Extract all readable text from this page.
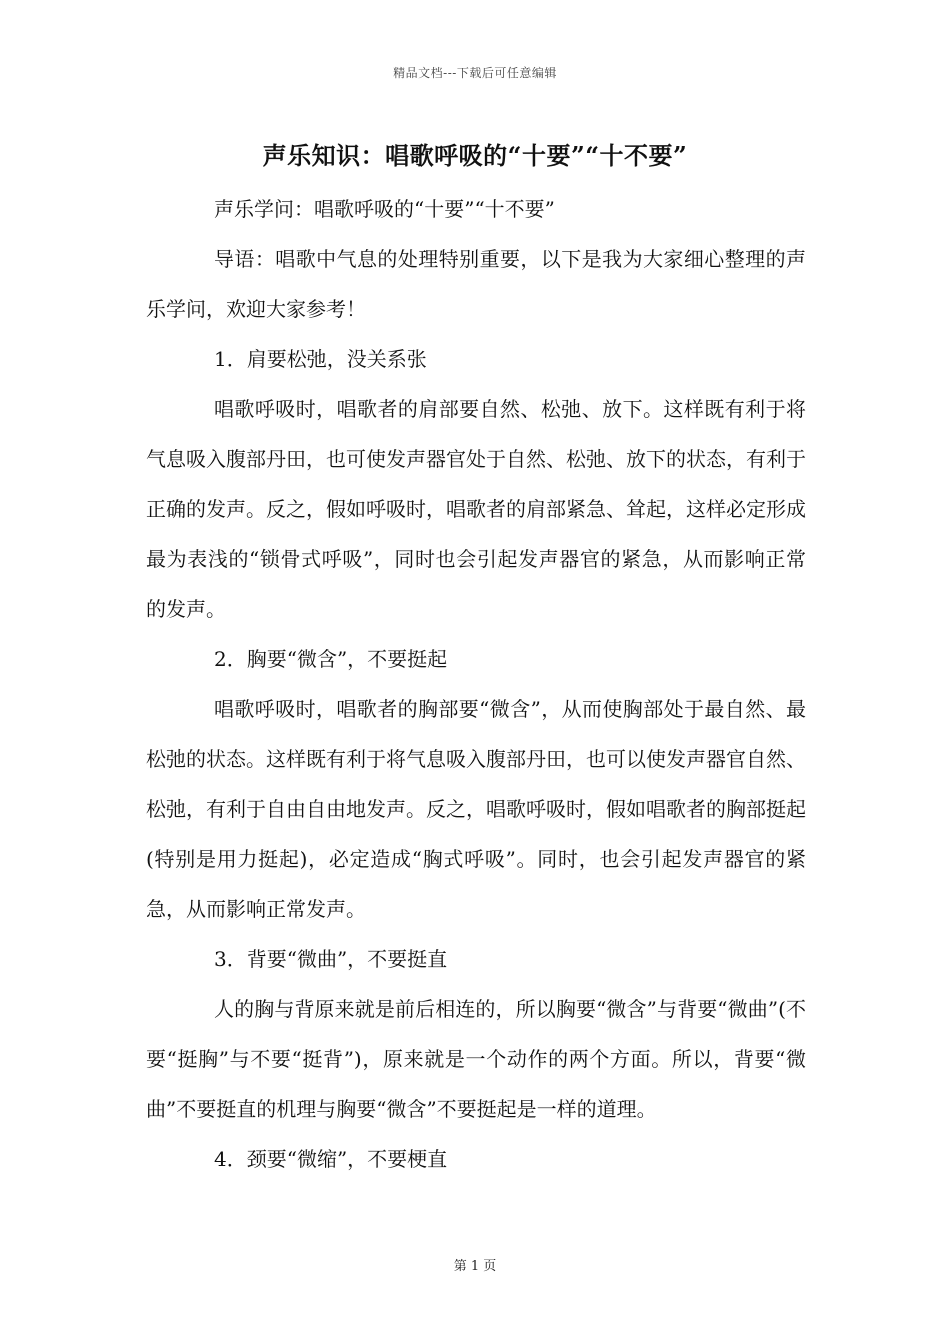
精品文档---下载后可任意编辑
声乐知识：唱歌呼吸的“十要”“十不要”

声乐学问：唱歌呼吸的“十要”“十不要”

导语：唱歌中气息的处理特别重要，以下是我为大家细心整理的声乐学问，欢迎大家参考！

1．肩要松弛，没关系张

唱歌呼吸时，唱歌者的肩部要自然、松弛、放下。这样既有利于将气息吸入腹部丹田，也可使发声器官处于自然、松弛、放下的状态，有利于正确的发声。反之，假如呼吸时，唱歌者的肩部紧急、耸起，这样必定形成最为表浅的“锁骨式呼吸”，同时也会引起发声器官的紧急，从而影响正常的发声。

2．胸要“微含”，不要挺起

唱歌呼吸时，唱歌者的胸部要“微含”，从而使胸部处于最自然、最松弛的状态。这样既有利于将气息吸入腹部丹田，也可以使发声器官自然、松弛，有利于自由自由地发声。反之，唱歌呼吸时，假如唱歌者的胸部挺起(特别是用力挺起)，必定造成“胸式呼吸”。同时，也会引起发声器官的紧急，从而影响正常发声。

3．背要“微曲”，不要挺直

人的胸与背原来就是前后相连的，所以胸要“微含”与背要“微曲”(不要“挺胸”与不要“挺背”)，原来就是一个动作的两个方面。所以，背要“微曲”不要挺直的机理与胸要“微含”不要挺起是一样的道理。

4．颈要“微缩”，不要梗直

第 1 页
